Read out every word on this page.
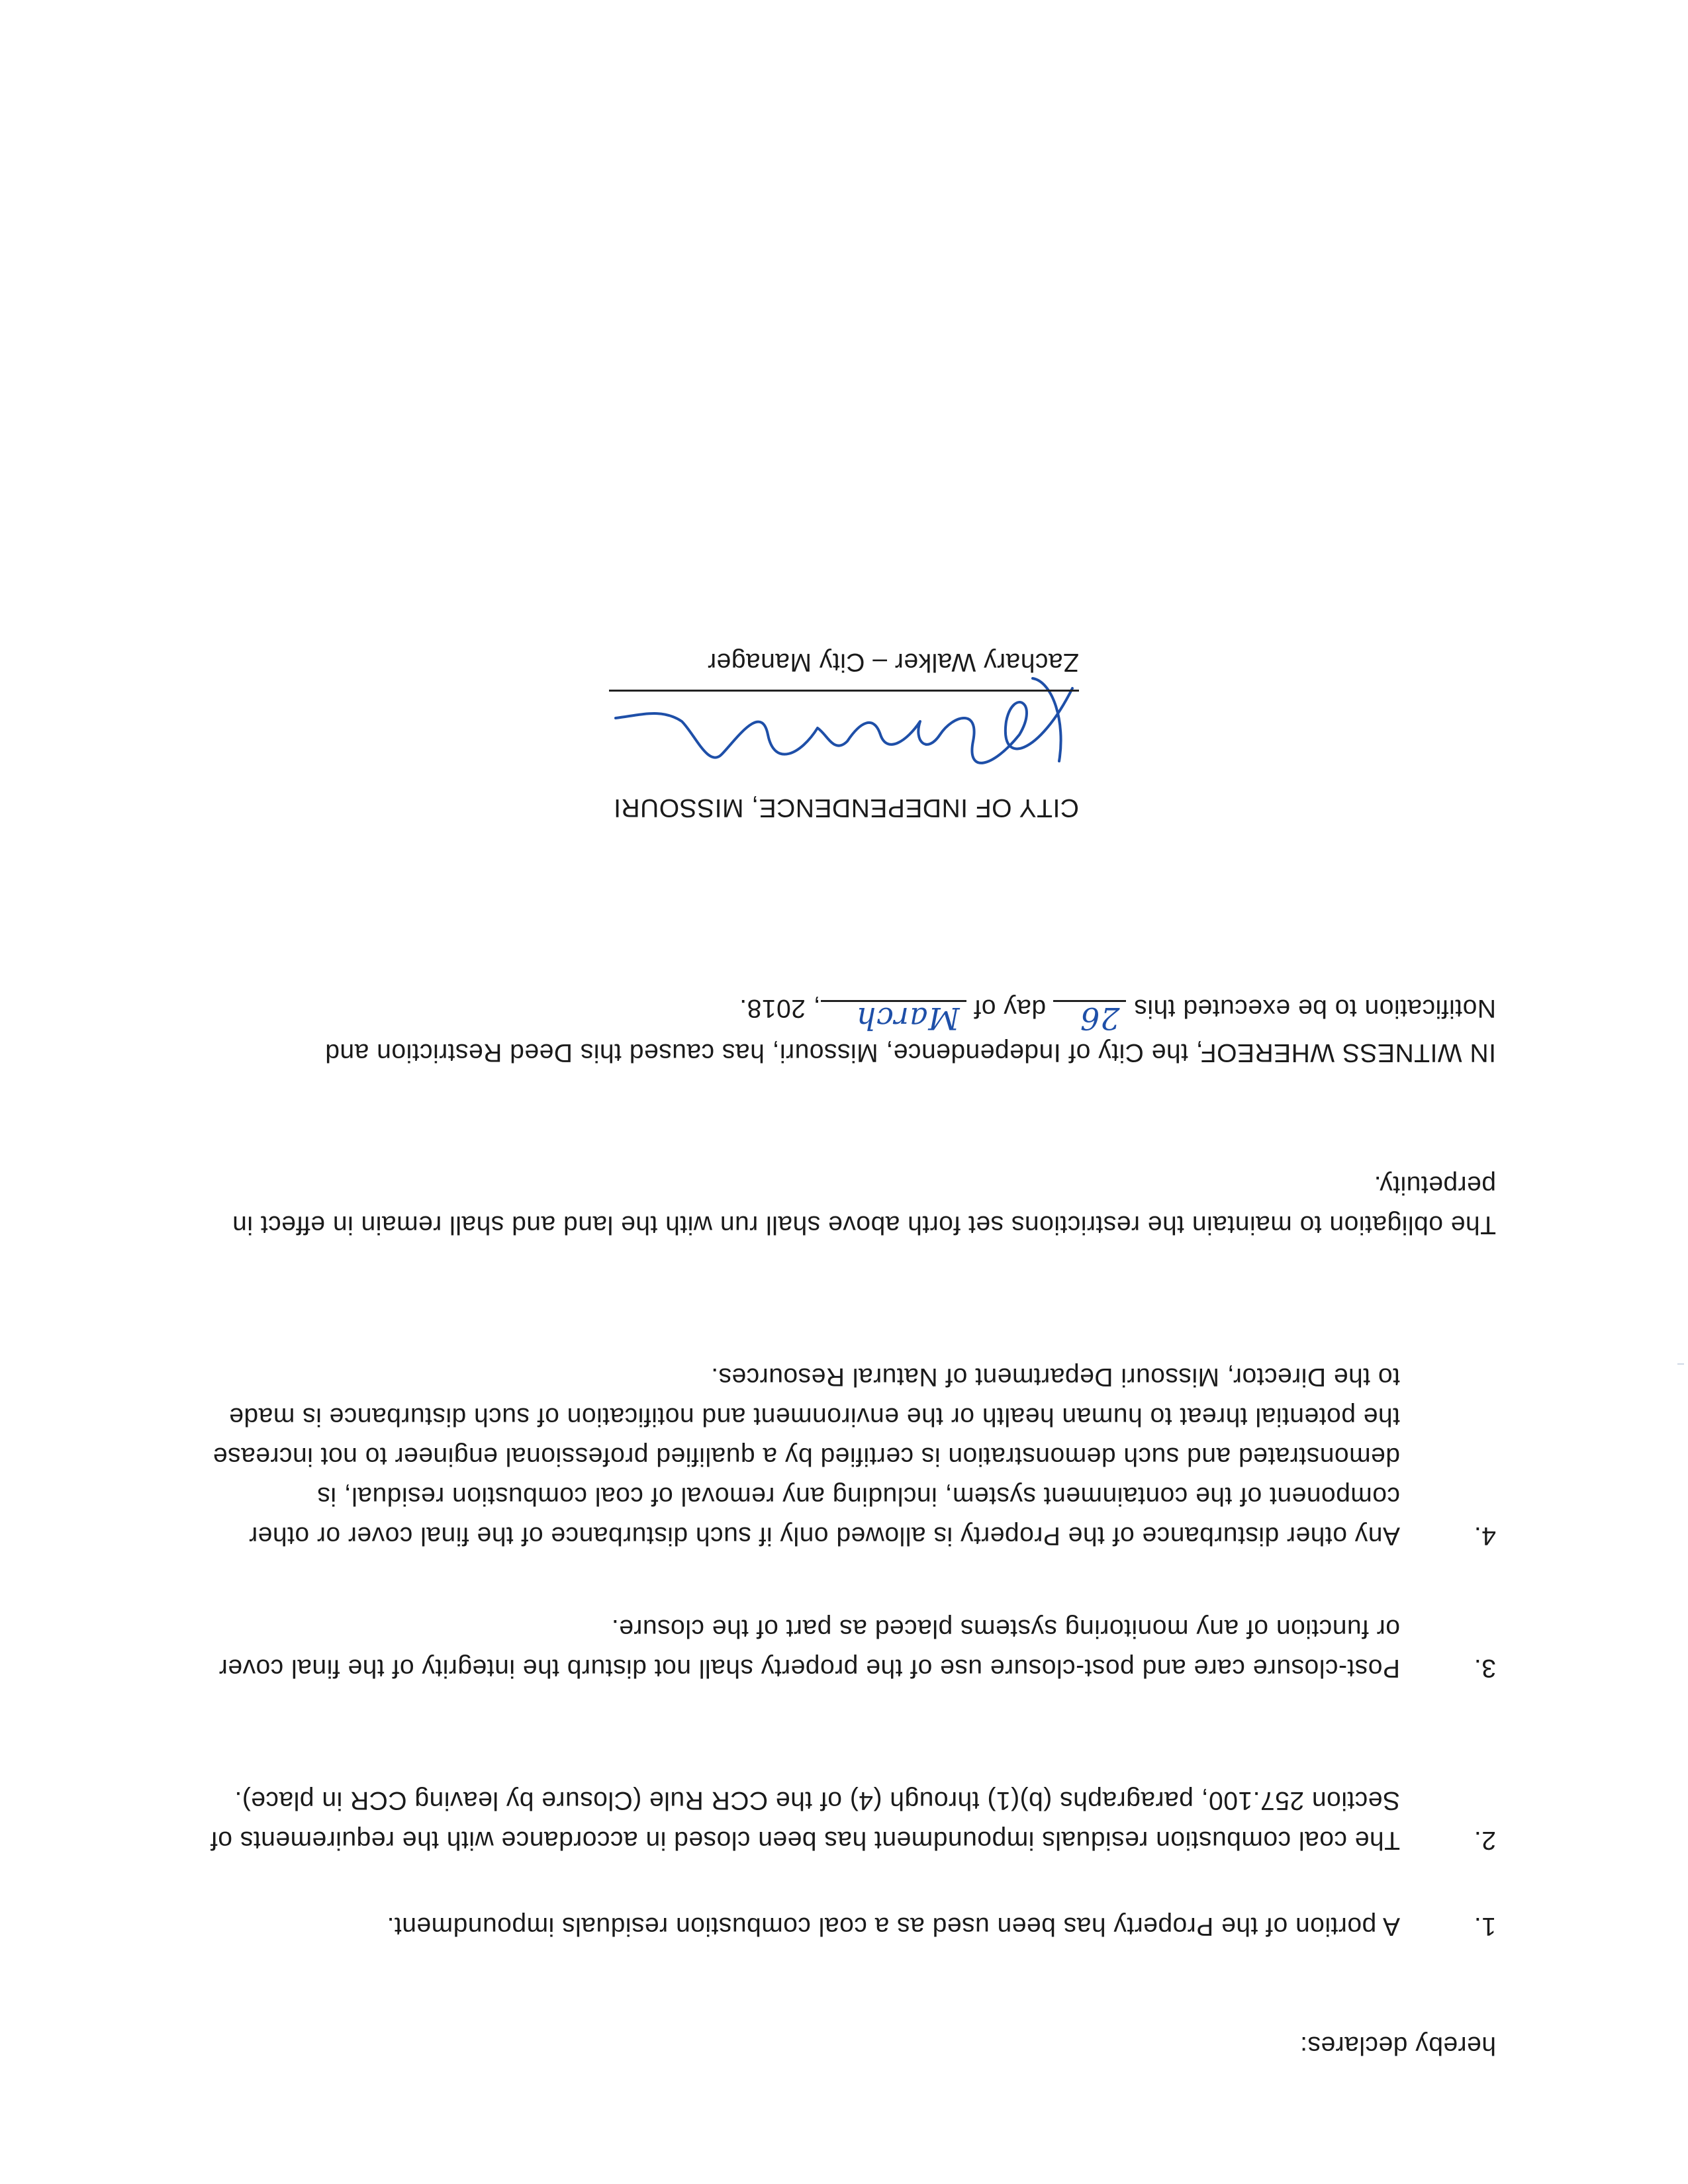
hereby declares:

1.
A portion of the Property has been used as a coal combustion residuals impoundment.
2.
The coal combustion residuals impoundment has been closed in accordance with the requirements of Section 257.100, paragraphs (b)(1) through (4) of the CCR Rule (Closure by leaving CCR in place).
3.
Post-closure care and post-closure use of the property shall not disturb the integrity of the final cover or function of any monitoring systems placed as part of the closure.
4.
Any other disturbance of the Property is allowed only if such disturbance of the final cover or other component of the containment system, including any removal of coal combustion residual, is demonstrated and such demonstration is certified by a qualified professional engineer to not increase the potential threat to human health or the environment and notification of such disturbance is made to the Director, Missouri Department of Natural Resources.

The obligation to maintain the restrictions set forth above shall run with the land and shall remain in effect in perpetuity.

IN WITNESS WHEREOF, the City of Independence, Missouri, has caused this Deed Restriction and Notification to be executed this
26
day of
March
, 2018.

CITY OF INDEPENDENCE, MISSOURI
Zachary Walker – City Manager
